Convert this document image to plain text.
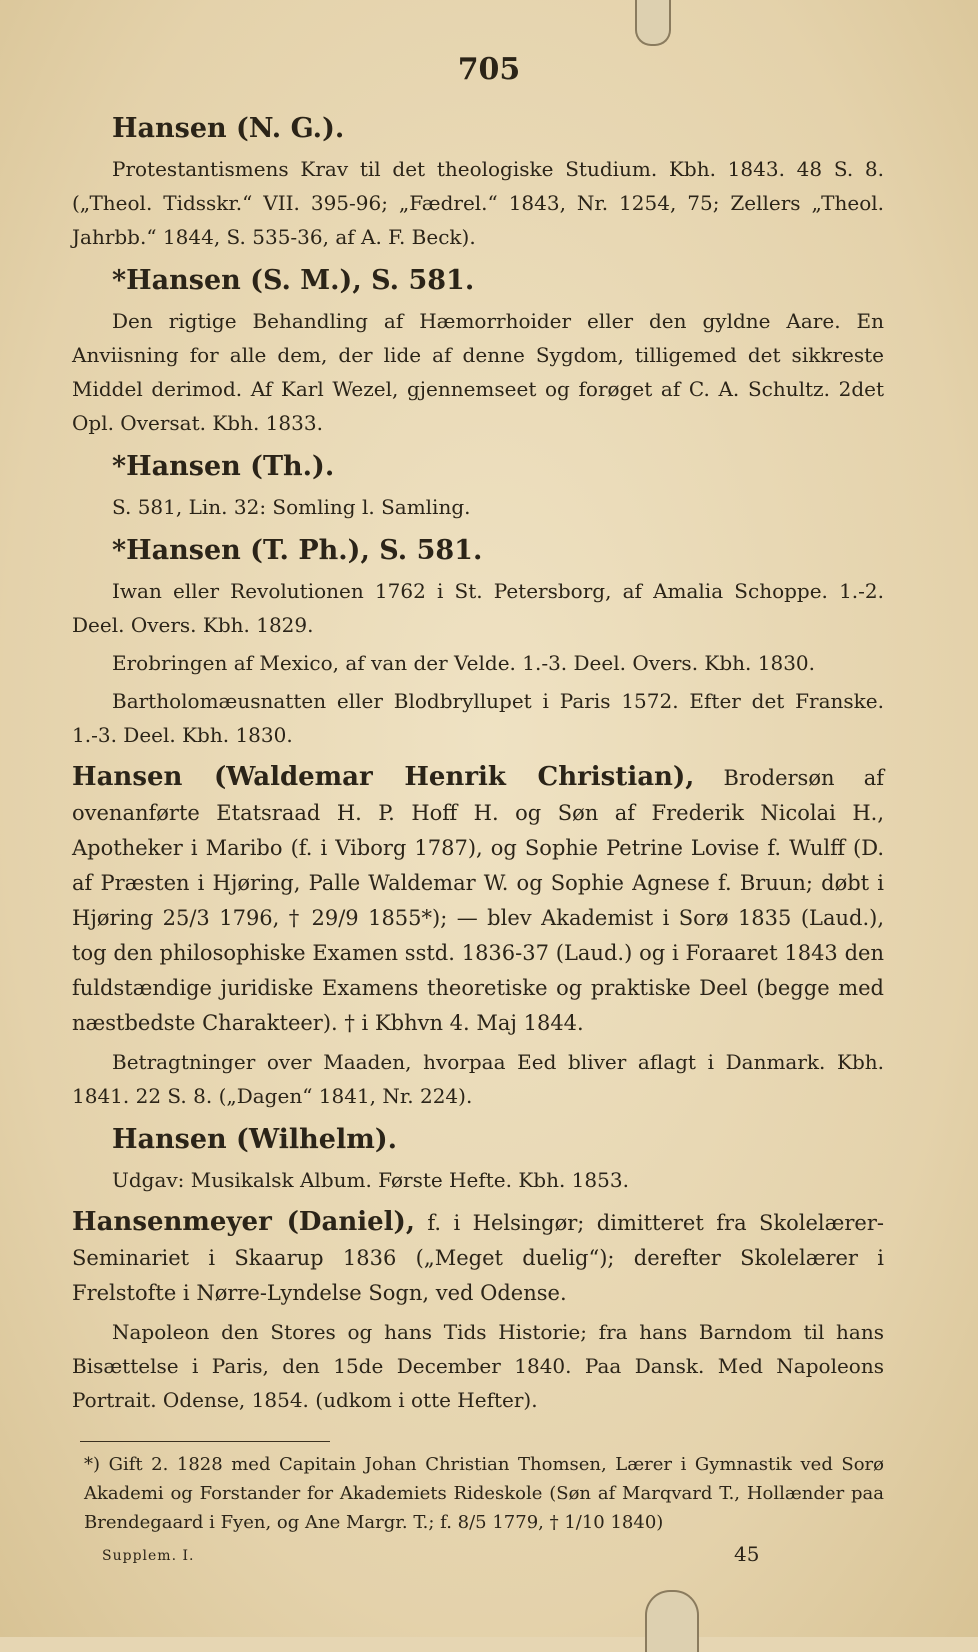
705
Hansen (N. G.).
Protestantismens Krav til det theologiske Studium. Kbh. 1843. 48 S. 8. („Theol. Tidsskr.“ VII. 395-96; „Fædrel.“ 1843, Nr. 1254, 75; Zellers „Theol. Jahrbb.“ 1844, S. 535-36, af A. F. Beck).
*Hansen (S. M.), S. 581.
Den rigtige Behandling af Hæmorrhoider eller den gyldne Aare. En Anviisning for alle dem, der lide af denne Sygdom, tilligemed det sikkreste Middel derimod. Af Karl Wezel, gjennemseet og forøget af C. A. Schultz. 2det Opl. Oversat. Kbh. 1833.
*Hansen (Th.).
S. 581, Lin. 32: Somling l. Samling.
*Hansen (T. Ph.), S. 581.
Iwan eller Revolutionen 1762 i St. Petersborg, af Amalia Schoppe. 1.-2. Deel. Overs. Kbh. 1829.
Erobringen af Mexico, af van der Velde. 1.-3. Deel. Overs. Kbh. 1830.
Bartholomæusnatten eller Blodbryllupet i Paris 1572. Efter det Franske. 1.-3. Deel. Kbh. 1830.
Hansen (Waldemar Henrik Christian), Brodersøn af ovenanførte Etatsraad H. P. Hoff H. og Søn af Frederik Nicolai H., Apotheker i Maribo (f. i Viborg 1787), og Sophie Petrine Lovise f. Wulff (D. af Præsten i Hjøring, Palle Waldemar W. og Sophie Agnese f. Bruun; døbt i Hjøring 25/3 1796, † 29/9 1855*); — blev Akademist i Sorø 1835 (Laud.), tog den philosophiske Examen sstd. 1836-37 (Laud.) og i Foraaret 1843 den fuldstændige juridiske Examens theoretiske og praktiske Deel (begge med næstbedste Charakteer). † i Kbhvn 4. Maj 1844.
Betragtninger over Maaden, hvorpaa Eed bliver aflagt i Danmark. Kbh. 1841. 22 S. 8. („Dagen“ 1841, Nr. 224).
Hansen (Wilhelm).
Udgav: Musikalsk Album. Første Hefte. Kbh. 1853.
Hansenmeyer (Daniel), f. i Helsingør; dimitteret fra Skolelærer-Seminariet i Skaarup 1836 („Meget duelig“); derefter Skolelærer i Frelstofte i Nørre-Lyndelse Sogn, ved Odense.
Napoleon den Stores og hans Tids Historie; fra hans Barndom til hans Bisættelse i Paris, den 15de December 1840. Paa Dansk. Med Napoleons Portrait. Odense, 1854. (udkom i otte Hefter).
*) Gift 2. 1828 med Capitain Johan Christian Thomsen, Lærer i Gymnastik ved Sorø Akademi og Forstander for Akademiets Rideskole (Søn af Marqvard T., Hollænder paa Brendegaard i Fyen, og Ane Margr. T.; f. 8/5 1779, † 1/10 1840)
Supplem. I.	45
